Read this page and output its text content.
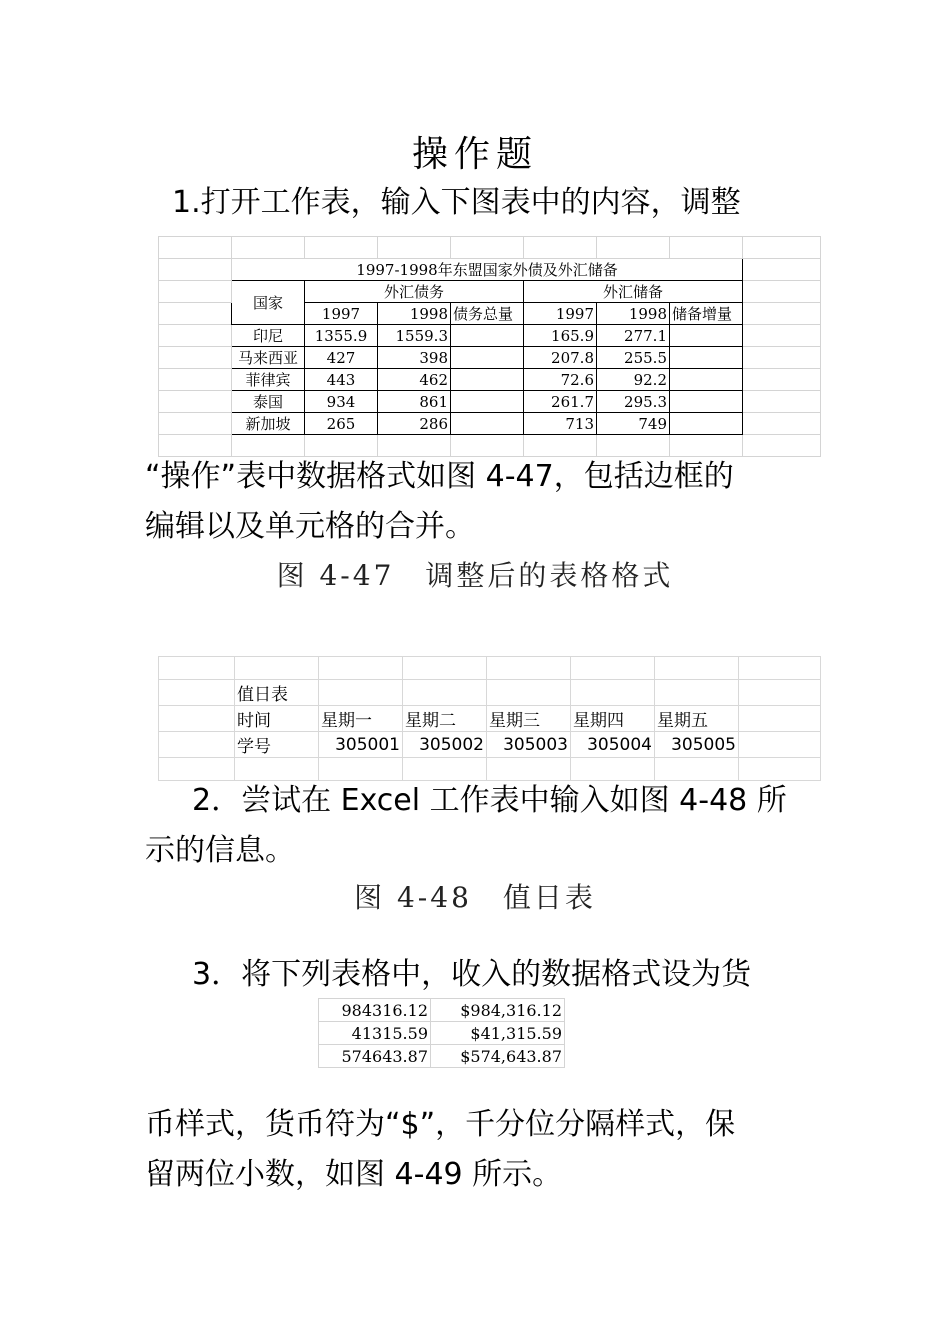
操作题
1.打开工作表，输入下图表中的内容，调整

	1997-1998年东盟国家外债及外汇储备							
	国家	外汇债务			外汇储备			
		1997	1998	债务总量	1997	1998	储备增量	
	印尼	1355.9	1559.3		165.9	277.1		
	马来西亚	427	398		207.8	255.5		
	菲律宾	443	462		72.6	92.2		
	泰国	934	861		261.7	295.3		
	新加坡	265	286		713	749		

“操作”表中数据格式如图 4-47，包括边框的
编辑以及单元格的合并。
图 4-47　调整后的表格格式

	值日表						
	时间	星期一	星期二	星期三	星期四	星期五	
	学号	305001	305002	305003	305004	305005	

2．尝试在 Excel 工作表中输入如图 4-48 所
示的信息。
图 4-48　值日表
3．将下列表格中，收入的数据格式设为货
984316.12	$984,316.12
41315.59	$41,315.59
574643.87	$574,643.87
币样式，货币符为“$”，千分位分隔样式，保
留两位小数，如图 4-49 所示。
